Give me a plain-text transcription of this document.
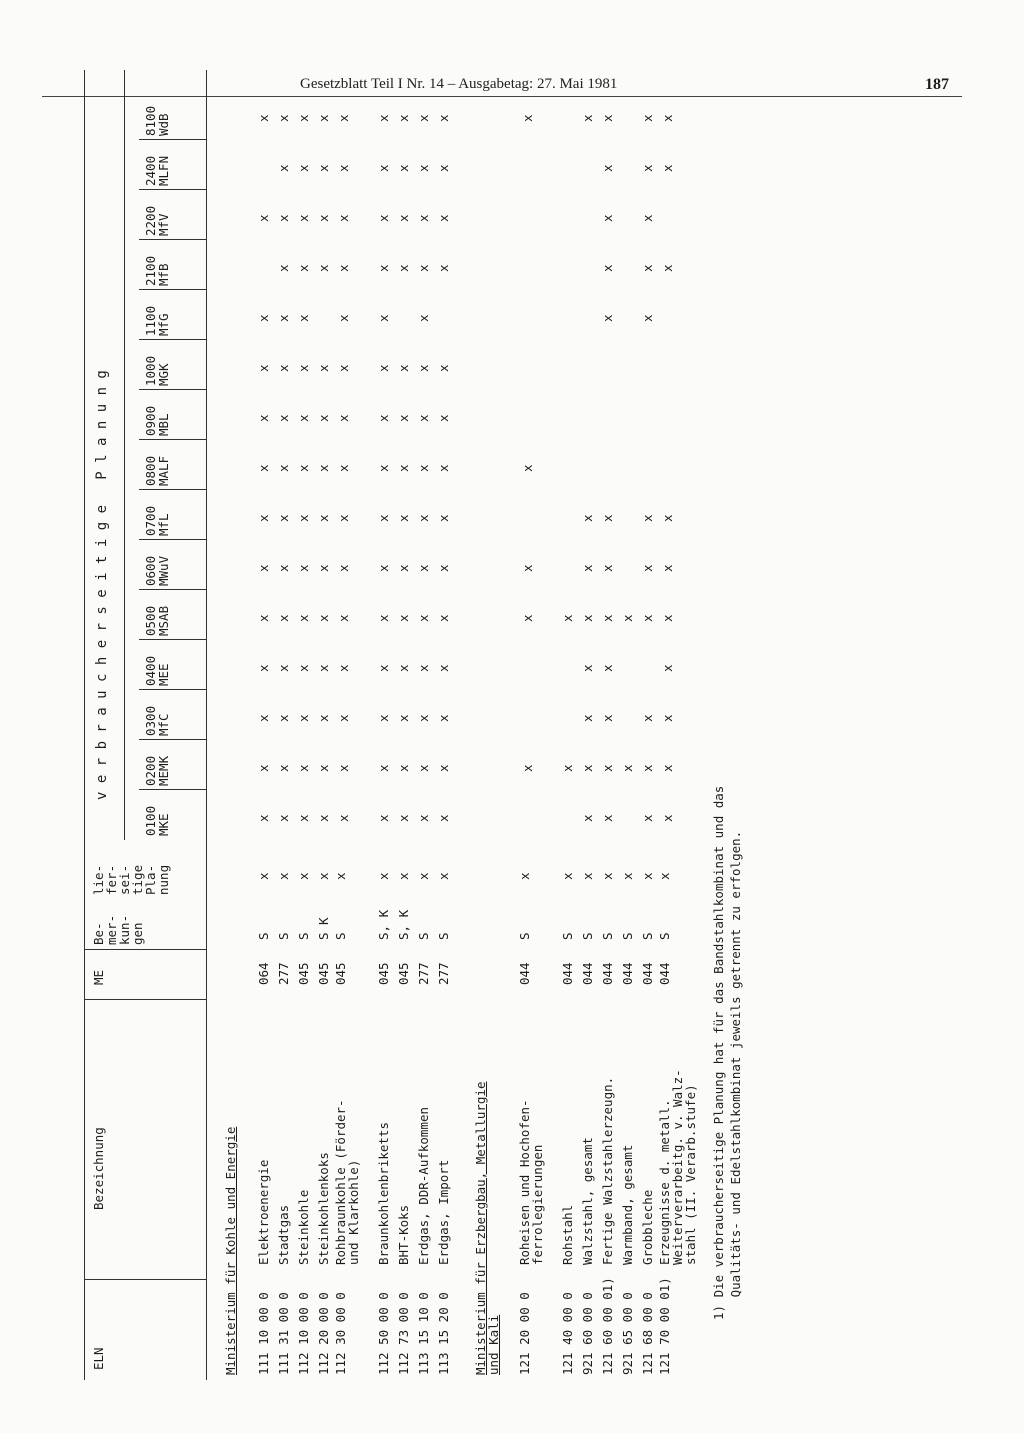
Gesetzblatt Teil I Nr. 14 – Ausgabetag: 27. Mai 1981	187
ELN
Bezeichnung
ME
Be-
mer-
kun-
gen
lie-
fer-
sei-
tige
Pla-
nung
v e r b r a u c h e r s e i t i g e   P l a n u n g
0100
MKE
0200
MEMK
0300
MfC
0400
MEE
0500
MSAB
0600
MWuV
0700
MfL
0800
MALF
0900
MBL
1000
MGK
1100
MfG
2100
MfB
2200
MfV
2400
MLFN
8100
WdB
Ministerium für Kohle und Energie 111 10 00 0
Elektroenergie
064
S
x
x
x
x
x
x
x
x
x
x
x
x
x
x
111 31 00 0
Stadtgas
277
S
x
x
x
x
x
x
x
x
x
x
x
x
x
x
x
x
112 10 00 0
Steinkohle
045
S
x
x
x
x
x
x
x
x
x
x
x
x
x
x
x
x
112 20 00 0
Steinkohlenkoks
045
S K
x
x
x
x
x
x
x
x
x
x
x
x
x
x
x
112 30 00 0
Rohbraunkohle (Förder-
und Klarkohle)
045
S
x
x
x
x
x
x
x
x
x
x
x
x
x
x
x
x
112 50 00 0
Braunkohlenbriketts
045
S, K
x
x
x
x
x
x
x
x
x
x
x
x
x
x
x
x
112 73 00 0
BHT-Koks
045
S, K
x
x
x
x
x
x
x
x
x
x
x
x
x
x
x
113 15 10 0
Erdgas, DDR-Aufkommen
277
S
x
x
x
x
x
x
x
x
x
x
x
x
x
x
x
x
113 15 20 0
Erdgas, Import
277
S
x
x
x
x
x
x
x
x
x
x
x
x
x
x
x
Ministerium für Erzbergbau, Metallurgie
und Kali 121 20 00 0
Roheisen und Hochofen-
ferrolegierungen
044
S
x
x
x
x
x
x
121 40 00 0
Rohstahl
044
S
x
x
x
921 60 00 0
Walzstahl, gesamt
044
S
x
x
x
x
x
x
x
x
x
121 60 00 01)
Fertige Walzstahlerzeugn.
044
S
x
x
x
x
x
x
x
x
x
x
x
x
x
921 65 00 0
Warmband, gesamt
044
S
x
x
x
121 68 00 0
Grobbleche
044
S
x
x
x
x
x
x
x
x
x
x
x
x
121 70 00 01)
Erzeugnisse d. metall.
Weiterverarbeitg. v. Walz-
stahl (II. Verarb.stufe)
044
S
x
x
x
x
x
x
x
x
x
x
x
1) Die verbraucherseitige Planung hat für das Bandstahlkombinat und das
Qualitäts- und Edelstahlkombinat jeweils getrennt zu erfolgen.
